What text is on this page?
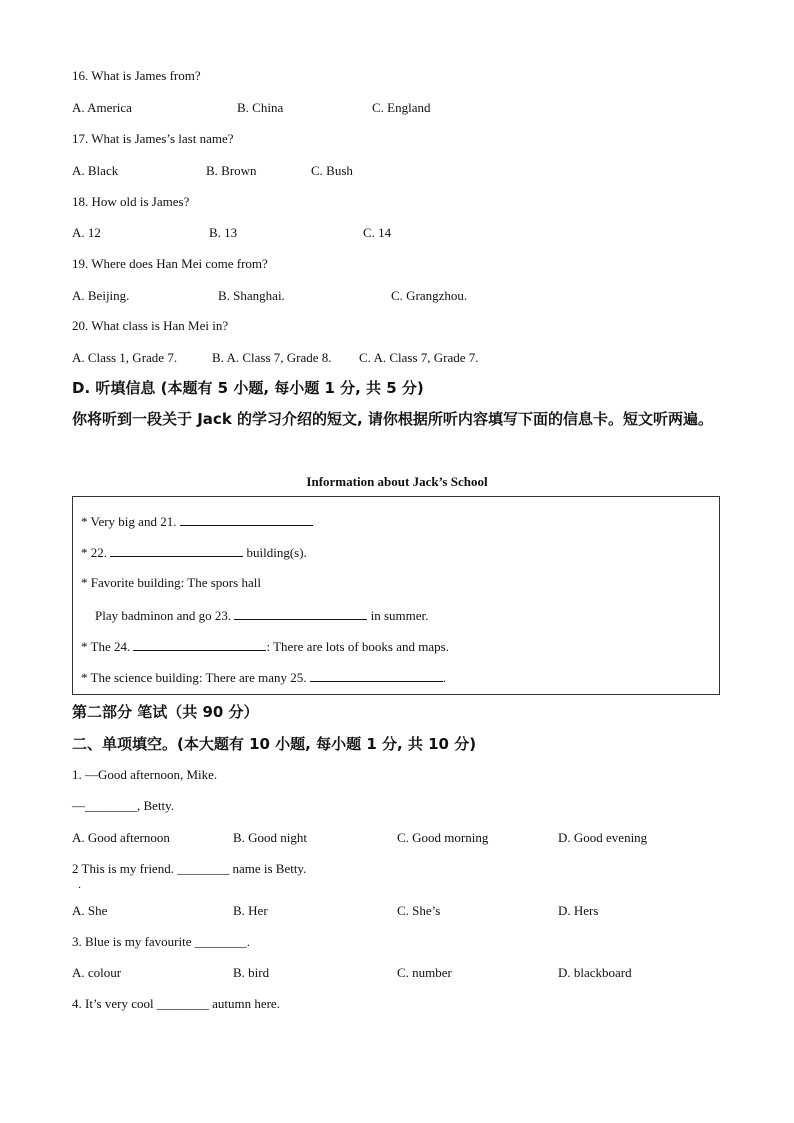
16. What is James from?
A. America	B. China	C. England
17. What is James’s last name?
A. Black	B. Brown	C. Bush
18. How old is James?
A. 12	B. 13	C. 14
19. Where does Han Mei come from?
A. Beijing.	B. Shanghai.	C. Grangzhou.
20. What class is Han Mei in?
A. Class 1, Grade 7.	B. A. Class 7, Grade 8. C. A. Class 7, Grade 7.
D. 听填信息 (本题有 5 小题, 每小题 1 分, 共 5 分)
你将听到一段关于 Jack 的学习介绍的短文, 请你根据所听内容填写下面的信息卡。短文听两遍。
Information about Jack’s School
* Very big and 21.
* 22.	building(s).
* Favorite building: The spors hall
Play badminon and go 23.	in summer.
* The 24.	: There are lots of books and maps.
* The science building: There are many 25.	.
第二部分 笔试（共 90 分）
二、单项填空。(本大题有 10 小题, 每小题 1 分, 共 10 分)
1. —Good afternoon, Mike.
—________, Betty.
A. Good afternoon	B. Good night	C. Good morning	D. Good evening
2 This is my friend. ________ name is Betty.
．
A. She	B. Her	C. She’s	D. Hers
3. Blue is my favourite ________.
A. colour	B. bird	C. number	D. blackboard
4. It’s very cool ________ autumn here.
